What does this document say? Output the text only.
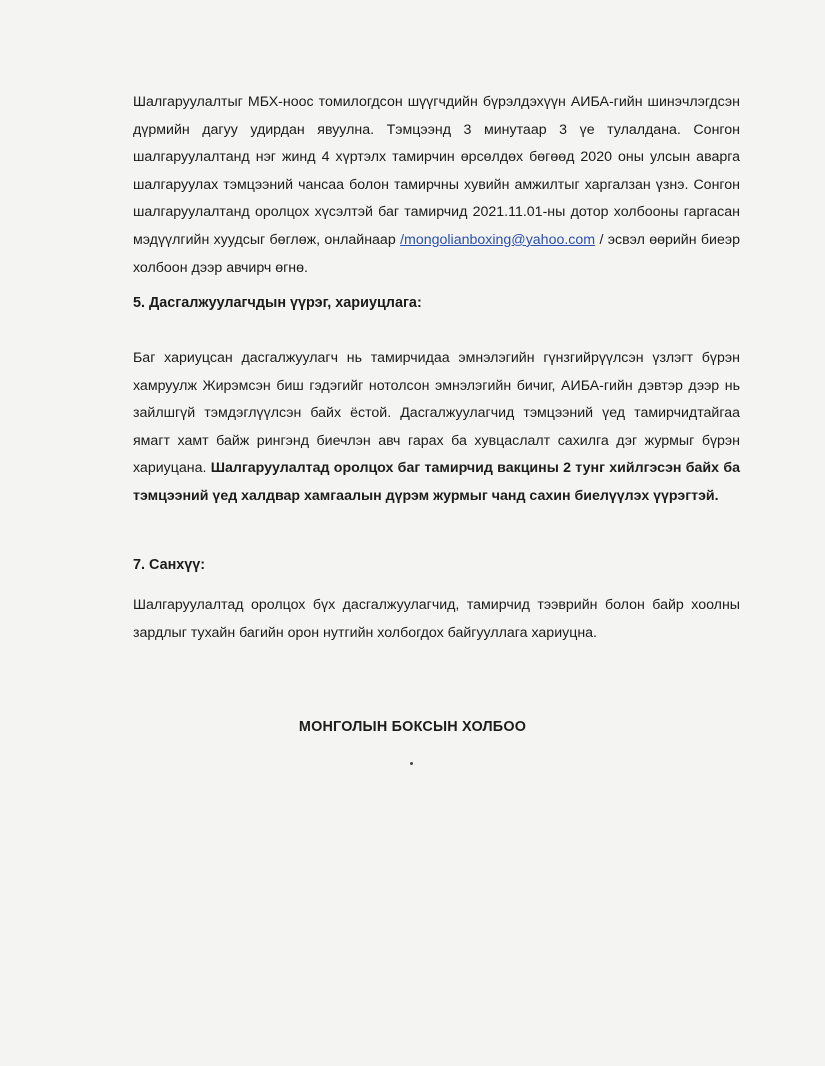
Шалгаруулалтыг МБХ-ноос томилогдсон шүүгчдийн бүрэлдэхүүн АИБА-гийн шинэчлэгдсэн дүрмийн дагуу удирдан явуулна. Тэмцээнд 3 минутаар 3 үе тулалдана. Сонгон шалгаруулалтанд нэг жинд 4 хүртэлх тамирчин өрсөлдөх бөгөөд 2020 оны улсын аварга шалгаруулах тэмцээний чансаа болон тамирчны хувийн амжилтыг харгалзан үзнэ. Сонгон шалгаруулалтанд оролцох хүсэлтэй баг тамирчид 2021.11.01-ны дотор холбооны гаргасан мэдүүлгийн хуудсыг бөглөж, онлайнаар /mongolianboxing@yahoo.com / эсвэл өөрийн биеэр холбоон дээр авчирч өгнө.

5. Дасгалжуулагчдын үүрэг, хариуцлага:

Баг хариуцсан дасгалжуулагч нь тамирчидаа эмнэлэгийн гүнзгийрүүлсэн үзлэгт бүрэн хамруулж Жирэмсэн биш гэдэгийг нотолсон эмнэлэгийн бичиг, АИБА-гийн дэвтэр дээр нь зайлшгүй тэмдэглүүлсэн байх ёстой. Дасгалжуулагчид тэмцээний үед тамирчидтайгаа ямагт хамт байж рингэнд биечлэн авч гарах ба хувцаслалт сахилга дэг журмыг бүрэн хариуцана. Шалгаруулалтад оролцох баг тамирчид вакцины 2 тунг хийлгэсэн байх ба тэмцээний үед халдвар хамгаалын дүрэм журмыг чанд сахин биелүүлэх үүрэгтэй.

7. Санхүү:

Шалгаруулалтад оролцох бүх дасгалжуулагчид, тамирчид тээврийн болон байр хоолны зардлыг тухайн багийн орон нутгийн холбогдох байгууллага хариуцна.

МОНГОЛЫН БОКСЫН ХОЛБОО
